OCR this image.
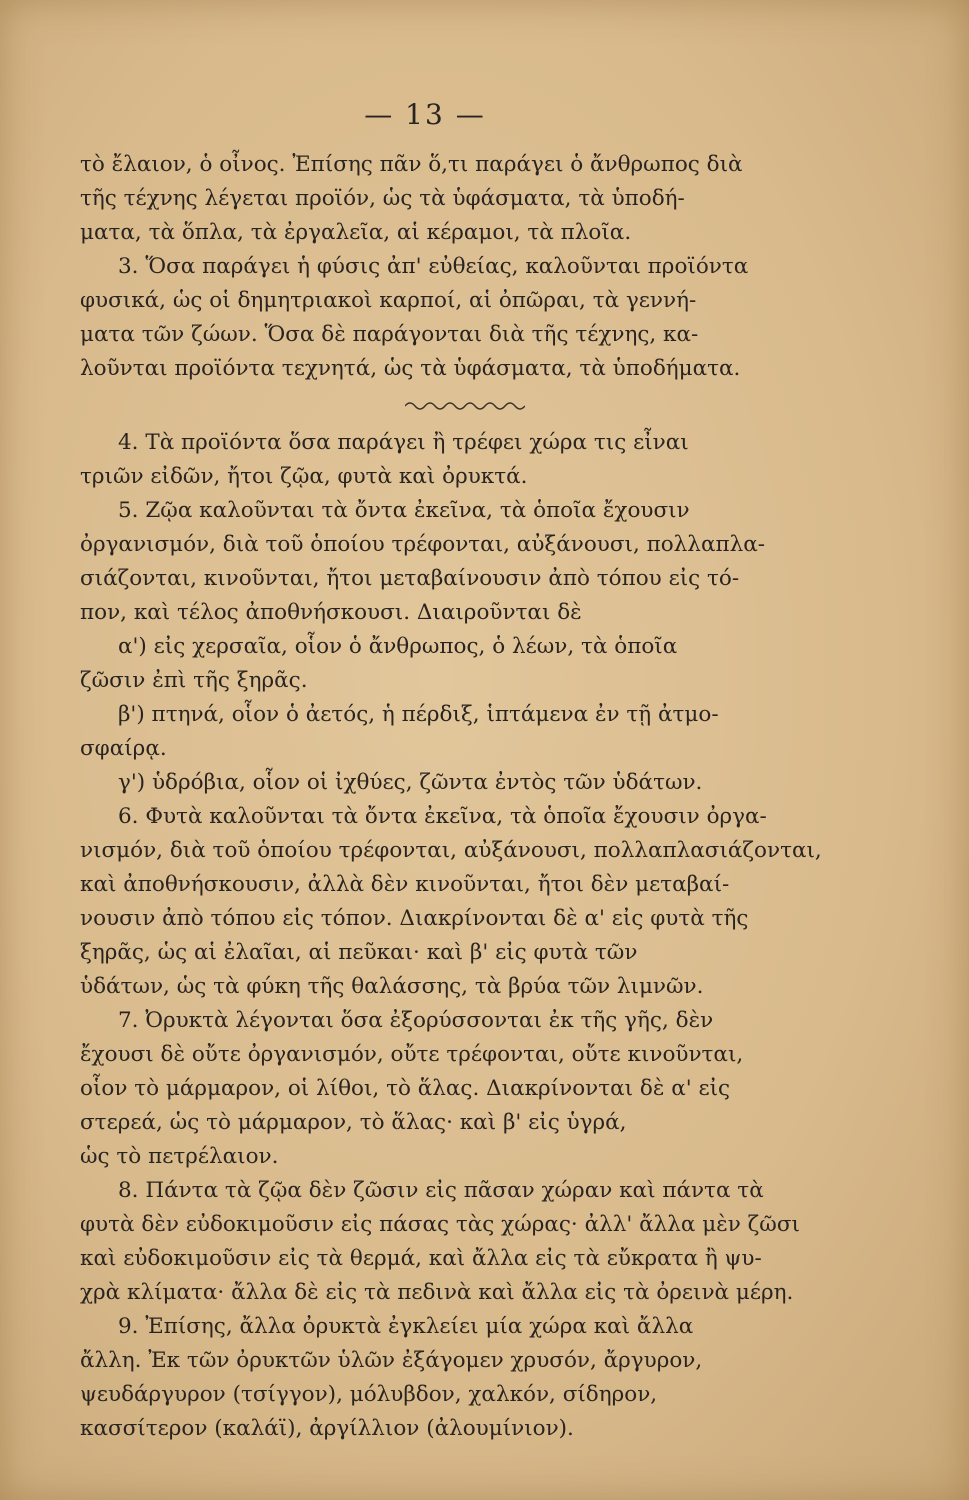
— 13 —
τὸ ἔλαιον, ὁ οἶνος. Ἐπίσης πᾶν ὅ,τι παράγει ὁ ἄνθρωπος διὰ
τῆς τέχνης λέγεται προϊόν, ὡς τὰ ὑφάσματα, τὰ ὑποδή-
ματα, τὰ ὅπλα, τὰ ἐργαλεῖα, αἱ κέραμοι, τὰ πλοῖα.
3. Ὅσα παράγει ἡ φύσις ἀπ' εὐθείας, καλοῦνται προϊόντα
φυσικά, ὡς οἱ δημητριακοὶ καρποί, αἱ ὀπῶραι, τὰ γεννή-
ματα τῶν ζώων. Ὅσα δὲ παράγονται διὰ τῆς τέχνης, κα-
λοῦνται προϊόντα τεχνητά, ὡς τὰ ὑφάσματα, τὰ ὑποδήματα.
4. Τὰ προϊόντα ὅσα παράγει ἢ τρέφει χώρα τις εἶναι
τριῶν εἰδῶν, ἤτοι ζῷα, φυτὰ καὶ ὀρυκτά.
5. Ζῷα καλοῦνται τὰ ὄντα ἐκεῖνα, τὰ ὁποῖα ἔχουσιν
ὀργανισμόν, διὰ τοῦ ὁποίου τρέφονται, αὐξάνουσι, πολλαπλα-
σιάζονται, κινοῦνται, ἤτοι μεταβαίνουσιν ἀπὸ τόπου εἰς τό-
πον, καὶ τέλος ἀποθνήσκουσι. Διαιροῦνται δὲ
α') εἰς χερσαῖα, οἷον ὁ ἄνθρωπος, ὁ λέων, τὰ ὁποῖα
ζῶσιν ἐπὶ τῆς ξηρᾶς.
β') πτηνά, οἷον ὁ ἀετός, ἡ πέρδιξ, ἱπτάμενα ἐν τῇ ἀτμο-
σφαίρᾳ.
γ') ὑδρόβια, οἷον οἱ ἰχθύες, ζῶντα ἐντὸς τῶν ὑδάτων.
6. Φυτὰ καλοῦνται τὰ ὄντα ἐκεῖνα, τὰ ὁποῖα ἔχουσιν ὀργα-
νισμόν, διὰ τοῦ ὁποίου τρέφονται, αὐξάνουσι, πολλαπλασιάζονται,
καὶ ἀποθνήσκουσιν, ἀλλὰ δὲν κινοῦνται, ἤτοι δὲν μεταβαί-
νουσιν ἀπὸ τόπου εἰς τόπον. Διακρίνονται δὲ α' εἰς φυτὰ τῆς
ξηρᾶς, ὡς αἱ ἐλαῖαι, αἱ πεῦκαι· καὶ β' εἰς φυτὰ τῶν
ὑδάτων, ὡς τὰ φύκη τῆς θαλάσσης, τὰ βρύα τῶν λιμνῶν.
7. Ὀρυκτὰ λέγονται ὅσα ἐξορύσσονται ἐκ τῆς γῆς, δὲν
ἔχουσι δὲ οὔτε ὀργανισμόν, οὔτε τρέφονται, οὔτε κινοῦνται,
οἷον τὸ μάρμαρον, οἱ λίθοι, τὸ ἅλας. Διακρίνονται δὲ α' εἰς
στερεά, ὡς τὸ μάρμαρον, τὸ ἅλας· καὶ β' εἰς ὑγρά,
ὡς τὸ πετρέλαιον.
8. Πάντα τὰ ζῷα δὲν ζῶσιν εἰς πᾶσαν χώραν καὶ πάντα τὰ
φυτὰ δὲν εὐδοκιμοῦσιν εἰς πάσας τὰς χώρας· ἀλλ' ἄλλα μὲν ζῶσι
καὶ εὐδοκιμοῦσιν εἰς τὰ θερμά, καὶ ἄλλα εἰς τὰ εὔκρατα ἢ ψυ-
χρὰ κλίματα· ἄλλα δὲ εἰς τὰ πεδινὰ καὶ ἄλλα εἰς τὰ ὀρεινὰ μέρη.
9. Ἐπίσης, ἄλλα ὀρυκτὰ ἐγκλείει μία χώρα καὶ ἄλλα
ἄλλη. Ἐκ τῶν ὀρυκτῶν ὑλῶν ἐξάγομεν χρυσόν, ἄργυρον,
ψευδάργυρον (τσίγγον), μόλυβδον, χαλκόν, σίδηρον,
κασσίτερον (καλάϊ), ἀργίλλιον (ἀλουμίνιον).
